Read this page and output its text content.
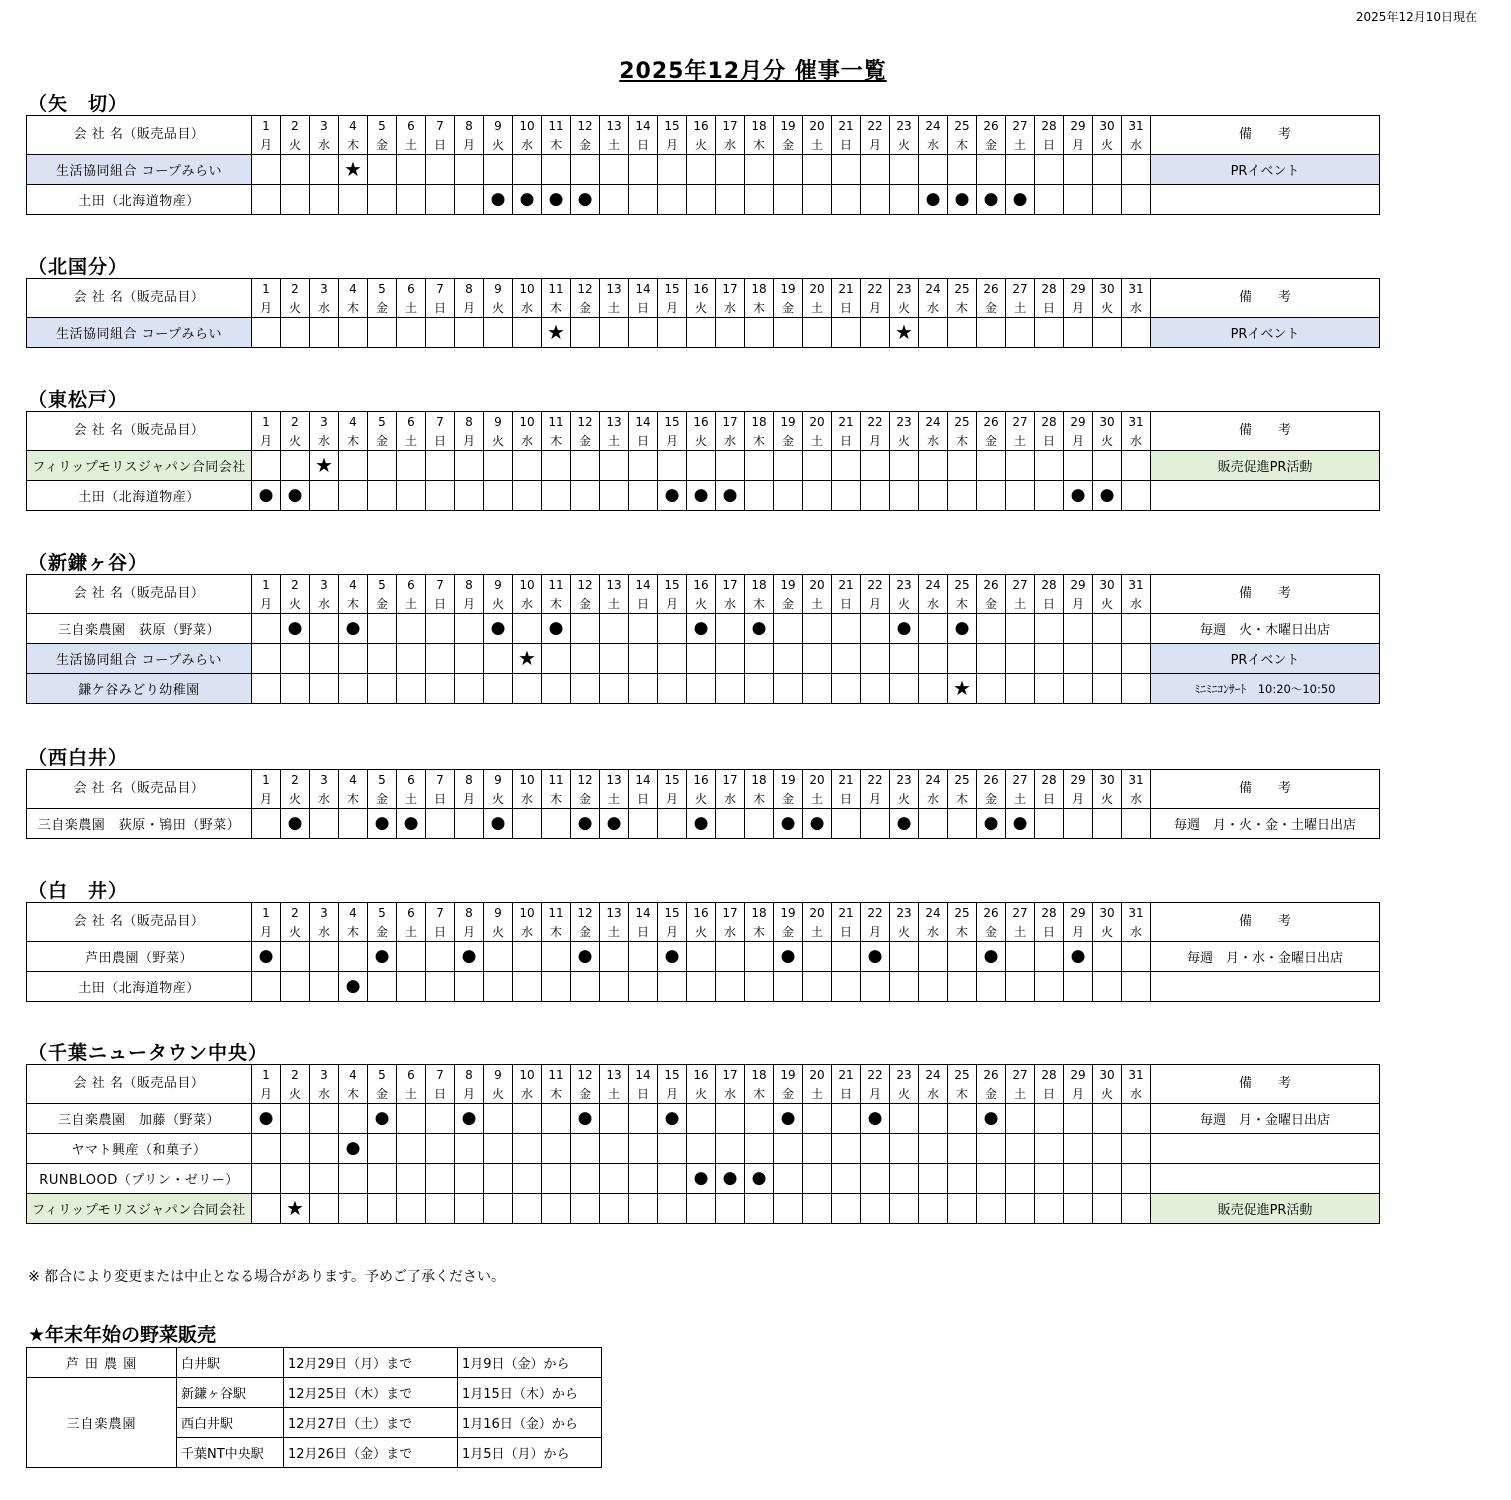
2025年12月10日現在
2025年12月分 催事一覧
（矢　切）
会 社 名（販売品目）	1	2	3	4	5	6	7	8	9	10	11	12	13	14	15	16	17	18	19	20	21	22	23	24	25	26	27	28	29	30	31	備　　考
	月	火	水	木	金	土	日	月	火	水	木	金	土	日	月	火	水	木	金	土	日	月	火	水	木	金	土	日	月	火	水	
生活協同組合 コープみらい				★																												PRイベント
土田（北海道物産）									●	●	●	●												●	●	●	●					
（北国分）
会 社 名（販売品目）	1	2	3	4	5	6	7	8	9	10	11	12	13	14	15	16	17	18	19	20	21	22	23	24	25	26	27	28	29	30	31	備　　考
	月	火	水	木	金	土	日	月	火	水	木	金	土	日	月	火	水	木	金	土	日	月	火	水	木	金	土	日	月	火	水	
生活協同組合 コープみらい											★												★									PRイベント
（東松戸）
会 社 名（販売品目）	1	2	3	4	5	6	7	8	9	10	11	12	13	14	15	16	17	18	19	20	21	22	23	24	25	26	27	28	29	30	31	備　　考
	月	火	水	木	金	土	日	月	火	水	木	金	土	日	月	火	水	木	金	土	日	月	火	水	木	金	土	日	月	火	水	
フィリップモリスジャパン合同会社			★																													販売促進PR活動
土田（北海道物産）	●	●													●	●	●												●	●		
（新鎌ヶ谷）
会 社 名（販売品目）	1	2	3	4	5	6	7	8	9	10	11	12	13	14	15	16	17	18	19	20	21	22	23	24	25	26	27	28	29	30	31	備　　考
	月	火	水	木	金	土	日	月	火	水	木	金	土	日	月	火	水	木	金	土	日	月	火	水	木	金	土	日	月	火	水	
三自楽農園　荻原（野菜）		●		●					●		●					●		●					●		●							毎週　火・木曜日出店
生活協同組合 コープみらい										★																						PRイベント
鎌ケ谷みどり幼稚園																									★							ﾐﾆﾐﾆｺﾝｻｰﾄ　10:20～10:50
（西白井）
会 社 名（販売品目）	1	2	3	4	5	6	7	8	9	10	11	12	13	14	15	16	17	18	19	20	21	22	23	24	25	26	27	28	29	30	31	備　　考
	月	火	水	木	金	土	日	月	火	水	木	金	土	日	月	火	水	木	金	土	日	月	火	水	木	金	土	日	月	火	水	
三自楽農園　荻原・鴇田（野菜）		●			●	●			●			●	●			●			●	●			●			●	●					毎週　月・火・金・土曜日出店
（白　井）
会 社 名（販売品目）	1	2	3	4	5	6	7	8	9	10	11	12	13	14	15	16	17	18	19	20	21	22	23	24	25	26	27	28	29	30	31	備　　考
	月	火	水	木	金	土	日	月	火	水	木	金	土	日	月	火	水	木	金	土	日	月	火	水	木	金	土	日	月	火	水	
芦田農園（野菜）	●				●			●				●			●				●			●				●			●			毎週　月・水・金曜日出店
土田（北海道物産）				●																												
（千葉ニュータウン中央）
会 社 名（販売品目）	1	2	3	4	5	6	7	8	9	10	11	12	13	14	15	16	17	18	19	20	21	22	23	24	25	26	27	28	29	30	31	備　　考
	月	火	水	木	金	土	日	月	火	水	木	金	土	日	月	火	水	木	金	土	日	月	火	水	木	金	土	日	月	火	水	
三自楽農園　加藤（野菜）	●				●			●				●			●				●			●				●						毎週　月・金曜日出店
ヤマト興産（和菓子）				●																												
RUNBLOOD（プリン・ゼリー）																●	●	●														
フィリップモリスジャパン合同会社		★																														販売促進PR活動
※ 都合により変更または中止となる場合があります。予めご了承ください。
★年末年始の野菜販売
芦 田 農 園	白井駅	12月29日（月）まで	1月9日（金）から
三自楽農園	新鎌ヶ谷駅	12月25日（木）まで	1月15日（木）から
	西白井駅	12月27日（土）まで	1月16日（金）から
	千葉NT中央駅	12月26日（金）まで	1月5日（月）から
